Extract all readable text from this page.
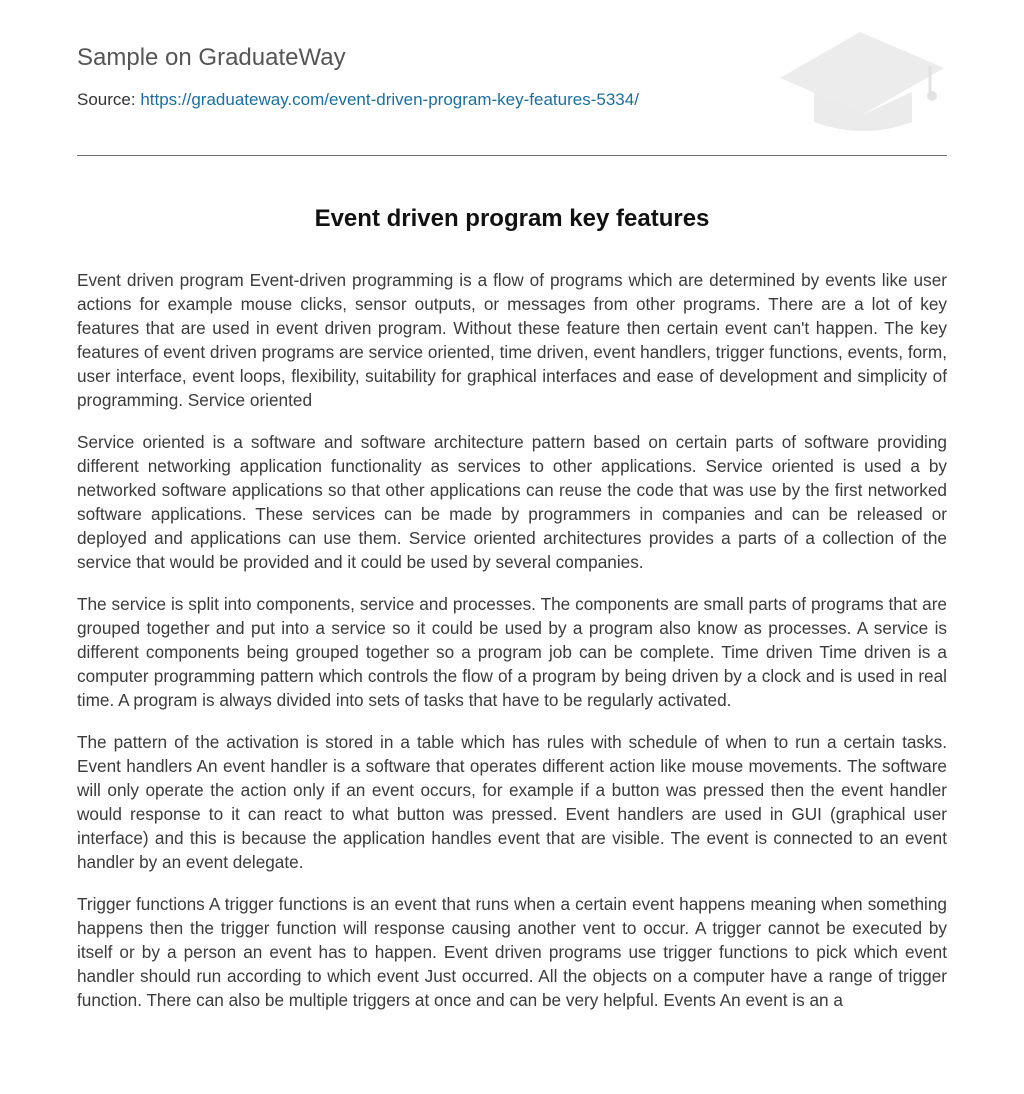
Sample on GraduateWay
Source: https://graduateway.com/event-driven-program-key-features-5334/
Event driven program key features

Event driven program Event-driven programming is a flow of programs which are determined by events like user actions for example mouse clicks, sensor outputs, or messages from other programs. There are a lot of key features that are used in event driven program. Without these feature then certain event can't happen. The key features of event driven programs are service oriented, time driven, event handlers, trigger functions, events, form, user interface, event loops, flexibility, suitability for graphical interfaces and ease of development and simplicity of programming. Service oriented

Service oriented is a software and software architecture pattern based on certain parts of software providing different networking application functionality as services to other applications. Service oriented is used a by networked software applications so that other applications can reuse the code that was use by the first networked software applications. These services can be made by programmers in companies and can be released or deployed and applications can use them. Service oriented architectures provides a parts of a collection of the service that would be provided and it could be used by several companies.

The service is split into components, service and processes. The components are small parts of programs that are grouped together and put into a service so it could be used by a program also know as processes. A service is different components being grouped together so a program job can be complete. Time driven Time driven is a computer programming pattern which controls the flow of a program by being driven by a clock and is used in real time. A program is always divided into sets of tasks that have to be regularly activated.

The pattern of the activation is stored in a table which has rules with schedule of when to run a certain tasks. Event handlers An event handler is a software that operates different action like mouse movements. The software will only operate the action only if an event occurs, for example if a button was pressed then the event handler would response to it can react to what button was pressed. Event handlers are used in GUI (graphical user interface) and this is because the application handles event that are visible. The event is connected to an event handler by an event delegate.

Trigger functions A trigger functions is an event that runs when a certain event happens meaning when something happens then the trigger function will response causing another vent to occur. A trigger cannot be executed by itself or by a person an event has to happen. Event driven programs use trigger functions to pick which event handler should run according to which event Just occurred. All the objects on a computer have a range of trigger function. There can also be multiple triggers at once and can be very helpful. Events An event is an a
